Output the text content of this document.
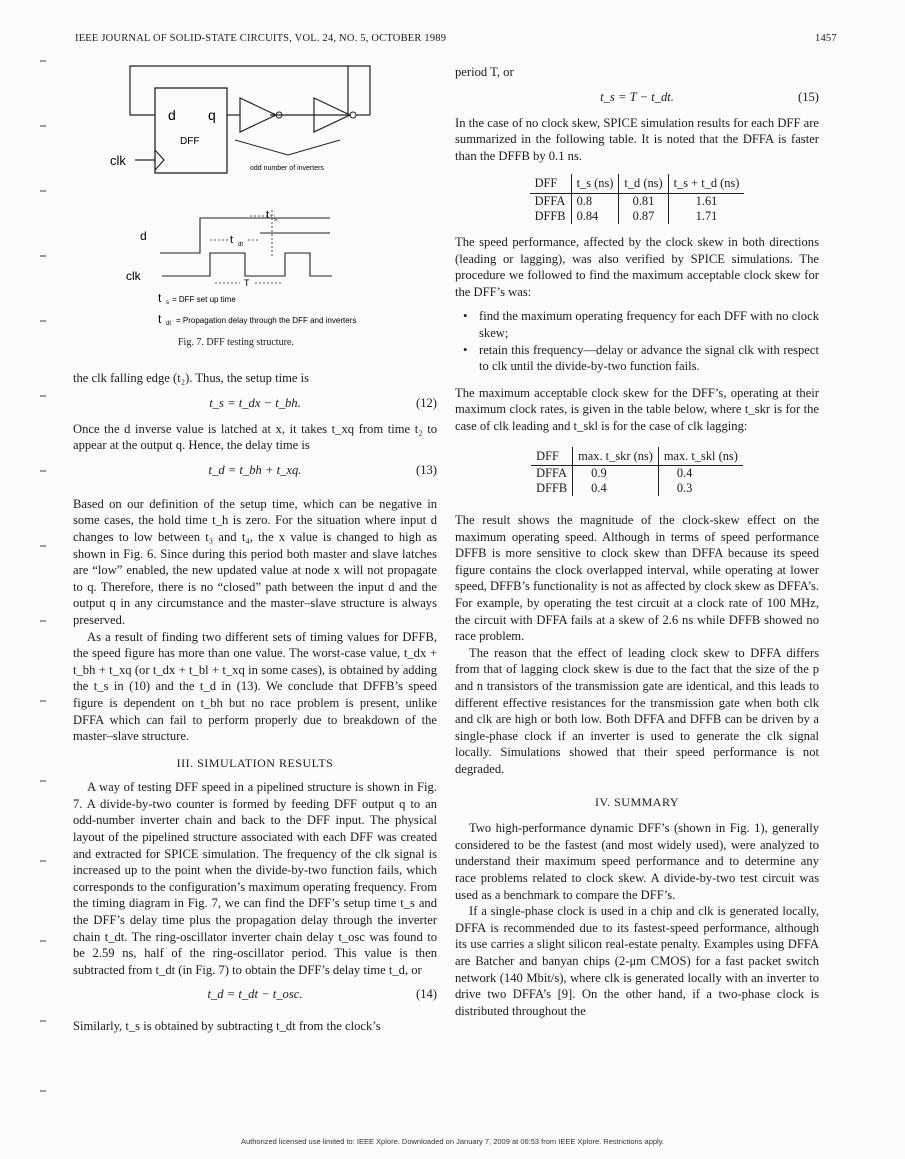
IEEE JOURNAL OF SOLID-STATE CIRCUITS, VOL. 24, NO. 5, OCTOBER 1989	1457
d q
DFF
clk
odd number of inverters
d
clk
t s
t dt
T
t s = DFF set up time
t dt = Propagation delay through the DFF and inverters
Fig. 7. DFF testing structure.

the clk falling edge (t₂). Thus, the setup time is

t_s = t_dx − t_bh.	(12)

Once the d inverse value is latched at x, it takes t_xq from time t₂ to appear at the output q. Hence, the delay time is

t_d = t_bh + t_xq.	(13)

Based on our definition of the setup time, which can be negative in some cases, the hold time t_h is zero. For the situation where input d changes to low between t₃ and t₄, the x value is changed to high as shown in Fig. 6. Since during this period both master and slave latches are “low” enabled, the new updated value at node x will not propagate to q. Therefore, there is no “closed” path between the input d and the output q in any circumstance and the master–slave structure is always preserved.

As a result of finding two different sets of timing values for DFFB, the speed figure has more than one value. The worst-case value, t_dx + t_bh + t_xq (or t_dx + t_bl + t_xq in some cases), is obtained by adding the t_s in (10) and the t_d in (13). We conclude that DFFB’s speed figure is dependent on t_bh but no race problem is present, unlike DFFA which can fail to perform properly due to breakdown of the master–slave structure.

III. SIMULATION RESULTS

A way of testing DFF speed in a pipelined structure is shown in Fig. 7. A divide-by-two counter is formed by feeding DFF output q to an odd-number inverter chain and back to the DFF input. The physical layout of the pipelined structure associated with each DFF was created and extracted for SPICE simulation. The frequency of the clk signal is increased up to the point when the divide-by-two function fails, which corresponds to the configuration’s maximum operating frequency. From the timing diagram in Fig. 7, we can find the DFF’s setup time t_s and the DFF’s delay time plus the propagation delay through the inverter chain t_dt. The ring-oscillator inverter chain delay t_osc was found to be 2.59 ns, half of the ring-oscillator period. This value is then subtracted from t_dt (in Fig. 7) to obtain the DFF’s delay time t_d, or

t_d = t_dt − t_osc.	(14)

Similarly, t_s is obtained by subtracting t_dt from the clock’s

period T, or

t_s = T − t_dt.	(15)

In the case of no clock skew, SPICE simulation results for each DFF are summarized in the following table. It is noted that the DFFA is faster than the DFFB by 0.1 ns.

DFF	t_s (ns)	t_d (ns)	t_s + t_d (ns)
DFFA	0.8	0.81	1.61
DFFB	0.84	0.87	1.71

The speed performance, affected by the clock skew in both directions (leading or lagging), was also verified by SPICE simulations. The procedure we followed to find the maximum acceptable clock skew for the DFF’s was:

• find the maximum operating frequency for each DFF with no clock skew;
• retain this frequency—delay or advance the signal clk with respect to clk until the divide-by-two function fails.

The maximum acceptable clock skew for the DFF’s, operating at their maximum clock rates, is given in the table below, where t_skr is for the case of clk leading and t_skl is for the case of clk lagging:

DFF	max. t_skr (ns)	max. t_skl (ns)
DFFA	0.9	0.4
DFFB	0.4	0.3

The result shows the magnitude of the clock-skew effect on the maximum operating speed. Although in terms of speed performance DFFB is more sensitive to clock skew than DFFA because its speed figure contains the clock overlapped interval, while operating at lower speed, DFFB’s functionality is not as affected by clock skew as DFFA’s. For example, by operating the test circuit at a clock rate of 100 MHz, the circuit with DFFA fails at a skew of 2.6 ns while DFFB showed no race problem.

The reason that the effect of leading clock skew to DFFA differs from that of lagging clock skew is due to the fact that the size of the p and n transistors of the transmission gate are identical, and this leads to different effective resistances for the transmission gate when both clk and clk are high or both low. Both DFFA and DFFB can be driven by a single-phase clock if an inverter is used to generate the clk signal locally. Simulations showed that their speed performance is not degraded.

IV. SUMMARY

Two high-performance dynamic DFF’s (shown in Fig. 1), generally considered to be the fastest (and most widely used), were analyzed to understand their maximum speed performance and to determine any race problems related to clock skew. A divide-by-two test circuit was used as a benchmark to compare the DFF’s.

If a single-phase clock is used in a chip and clk is generated locally, DFFA is recommended due to its fastest-speed performance, although its use carries a slight silicon real-estate penalty. Examples using DFFA are Batcher and banyan chips (2-μm CMOS) for a fast packet switch network (140 Mbit/s), where clk is generated locally with an inverter to drive two DFFA’s [9]. On the other hand, if a two-phase clock is distributed throughout the

Authorized licensed use limited to: IEEE Xplore. Downloaded on January 7, 2009 at 06:53 from IEEE Xplore. Restrictions apply.
